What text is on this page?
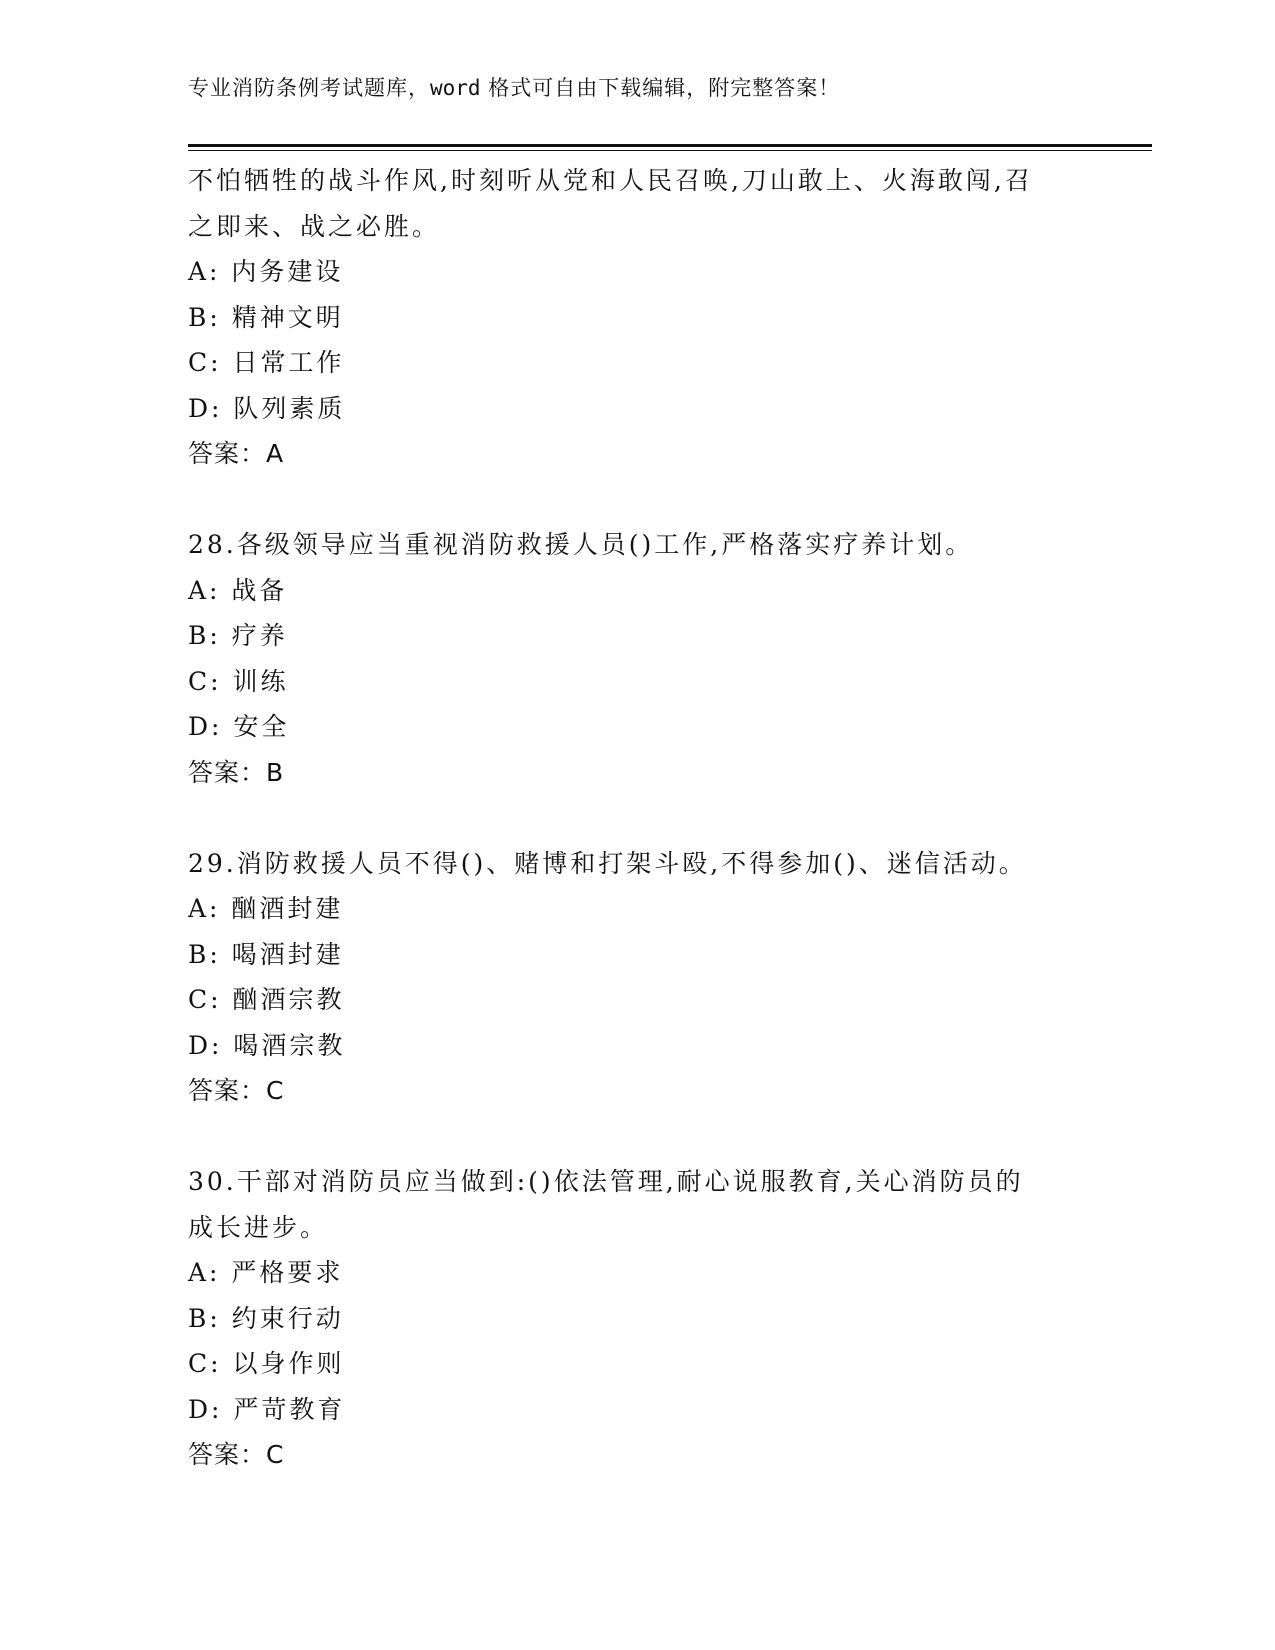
专业消防条例考试题库，word 格式可自由下载编辑，附完整答案！

不怕牺牲的战斗作风,时刻听从党和人民召唤,刀山敢上、火海敢闯,召

之即来、战之必胜。

A: 内务建设

B: 精神文明

C: 日常工作

D: 队列素质

答案：A

28.各级领导应当重视消防救援人员()工作,严格落实疗养计划。

A: 战备

B: 疗养

C: 训练

D: 安全

答案：B

29.消防救援人员不得()、赌博和打架斗殴,不得参加()、迷信活动。

A: 酗酒封建

B: 喝酒封建

C: 酗酒宗教

D: 喝酒宗教

答案：C

30.干部对消防员应当做到:()依法管理,耐心说服教育,关心消防员的

成长进步。

A: 严格要求

B: 约束行动

C: 以身作则

D: 严苛教育

答案：C
